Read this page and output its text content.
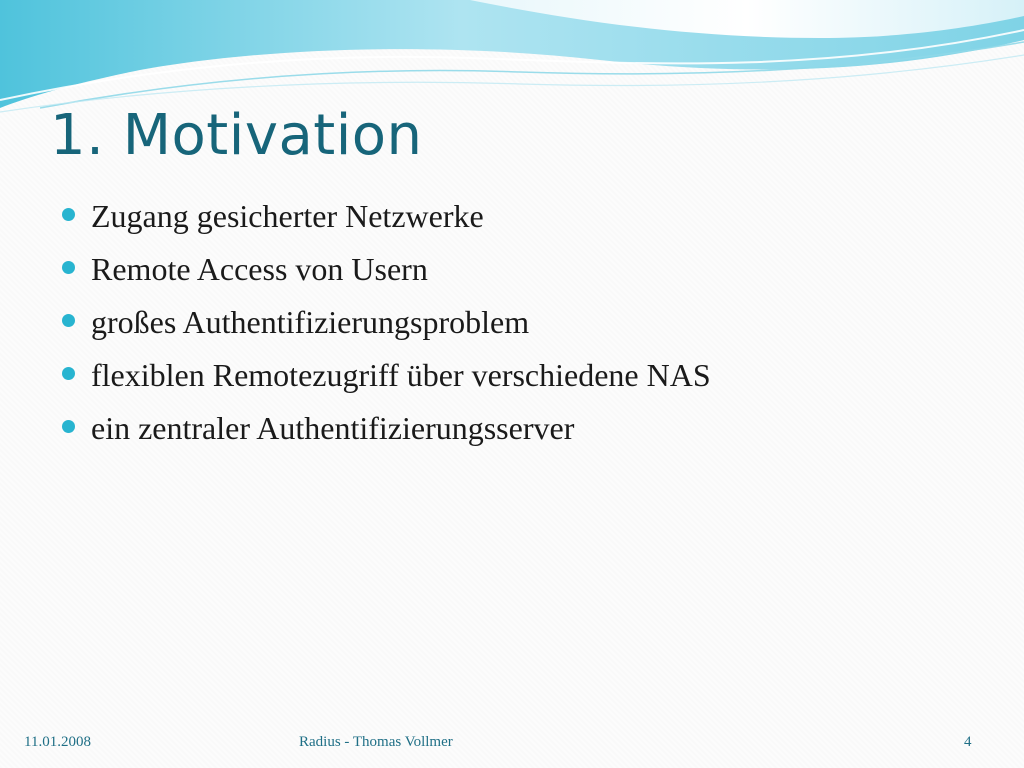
1. Motivation
Zugang gesicherter Netzwerke
Remote Access von Usern
großes Authentifizierungsproblem
flexiblen Remotezugriff über verschiedene NAS
ein zentraler Authentifizierungsserver
11.01.2008	Radius - Thomas Vollmer	4
